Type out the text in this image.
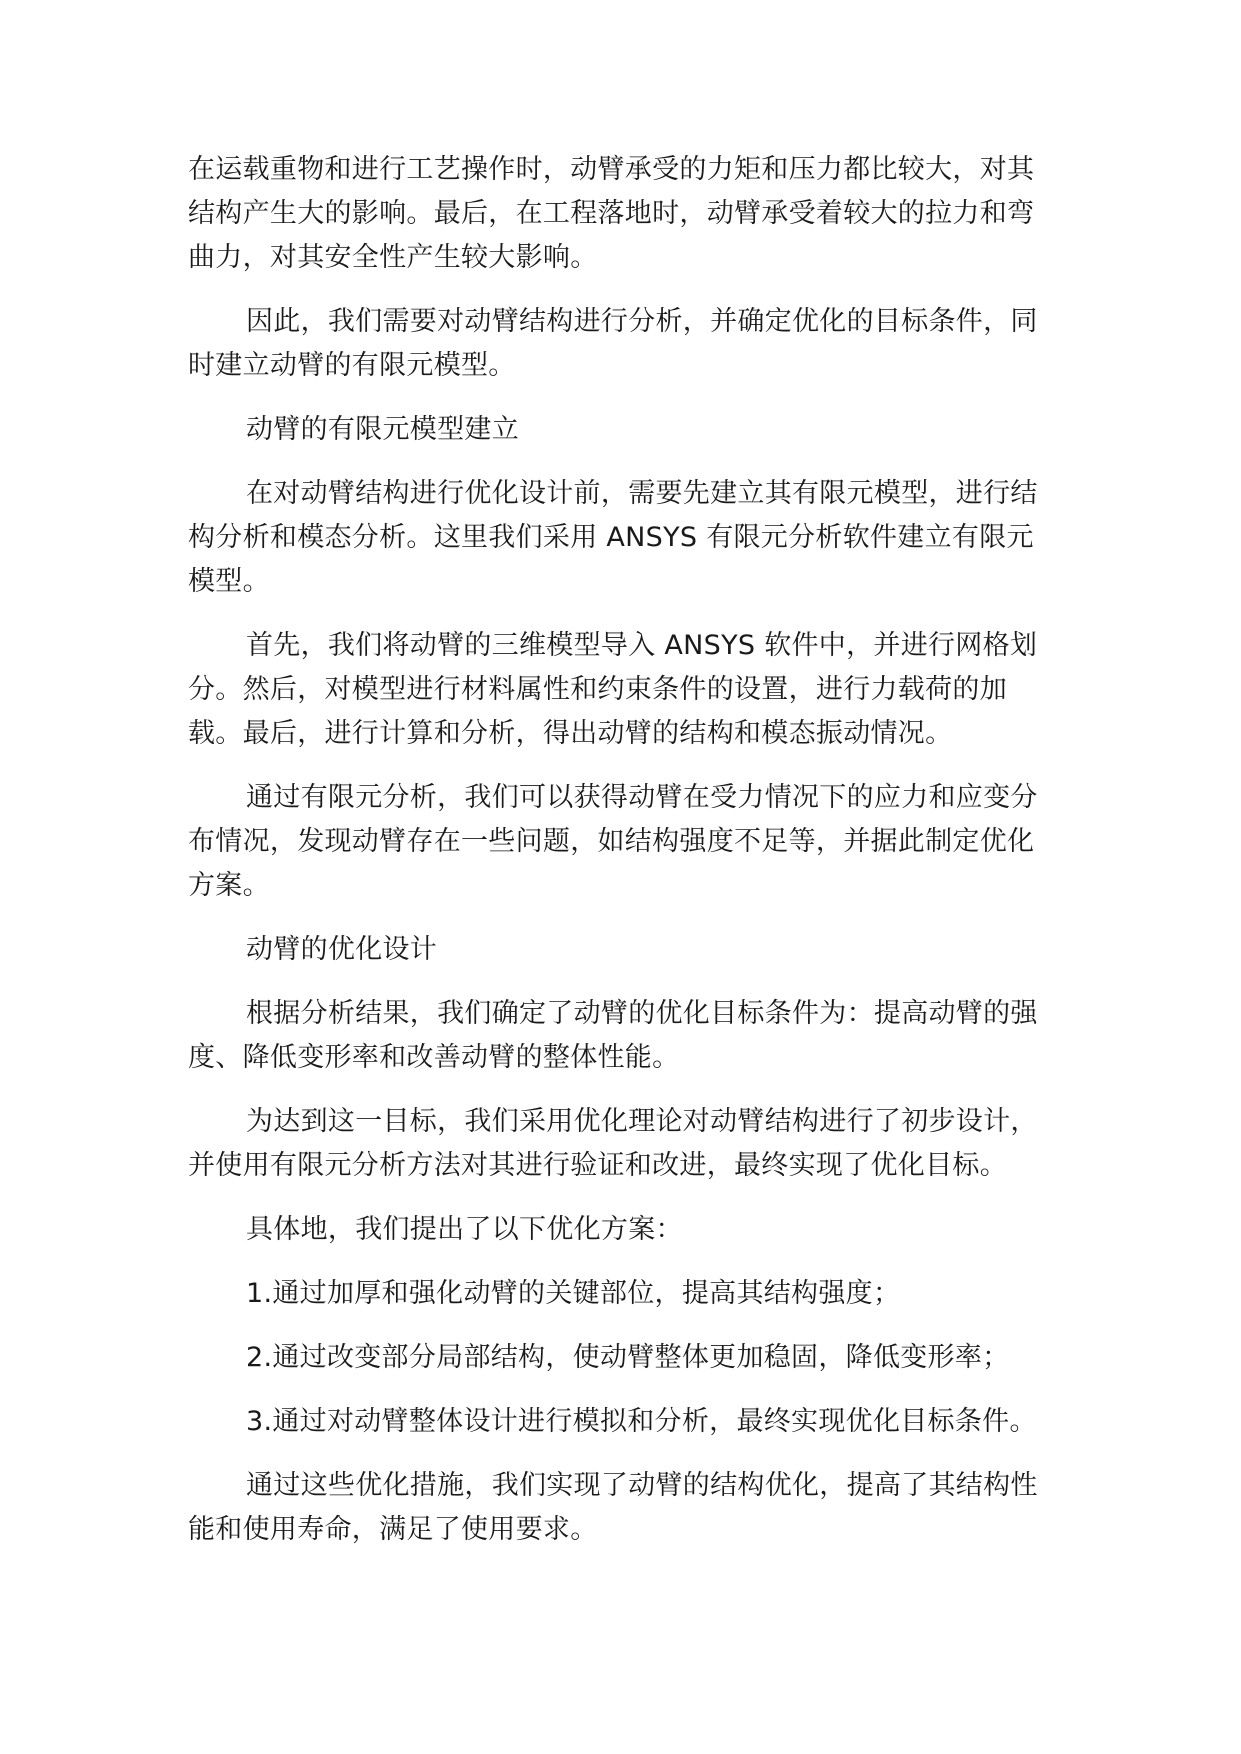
在运载重物和进行工艺操作时，动臂承受的力矩和压力都比较大，对其结构产生大的影响。最后，在工程落地时，动臂承受着较大的拉力和弯曲力，对其安全性产生较大影响。

因此，我们需要对动臂结构进行分析，并确定优化的目标条件，同时建立动臂的有限元模型。

动臂的有限元模型建立

在对动臂结构进行优化设计前，需要先建立其有限元模型，进行结构分析和模态分析。这里我们采用 ANSYS 有限元分析软件建立有限元模型。

首先，我们将动臂的三维模型导入 ANSYS 软件中，并进行网格划分。然后，对模型进行材料属性和约束条件的设置，进行力载荷的加载。最后，进行计算和分析，得出动臂的结构和模态振动情况。

通过有限元分析，我们可以获得动臂在受力情况下的应力和应变分布情况，发现动臂存在一些问题，如结构强度不足等，并据此制定优化方案。

动臂的优化设计

根据分析结果，我们确定了动臂的优化目标条件为：提高动臂的强度、降低变形率和改善动臂的整体性能。

为达到这一目标，我们采用优化理论对动臂结构进行了初步设计，并使用有限元分析方法对其进行验证和改进，最终实现了优化目标。

具体地，我们提出了以下优化方案：

1.通过加厚和强化动臂的关键部位，提高其结构强度；

2.通过改变部分局部结构，使动臂整体更加稳固，降低变形率；

3.通过对动臂整体设计进行模拟和分析，最终实现优化目标条件。

通过这些优化措施，我们实现了动臂的结构优化，提高了其结构性能和使用寿命，满足了使用要求。
